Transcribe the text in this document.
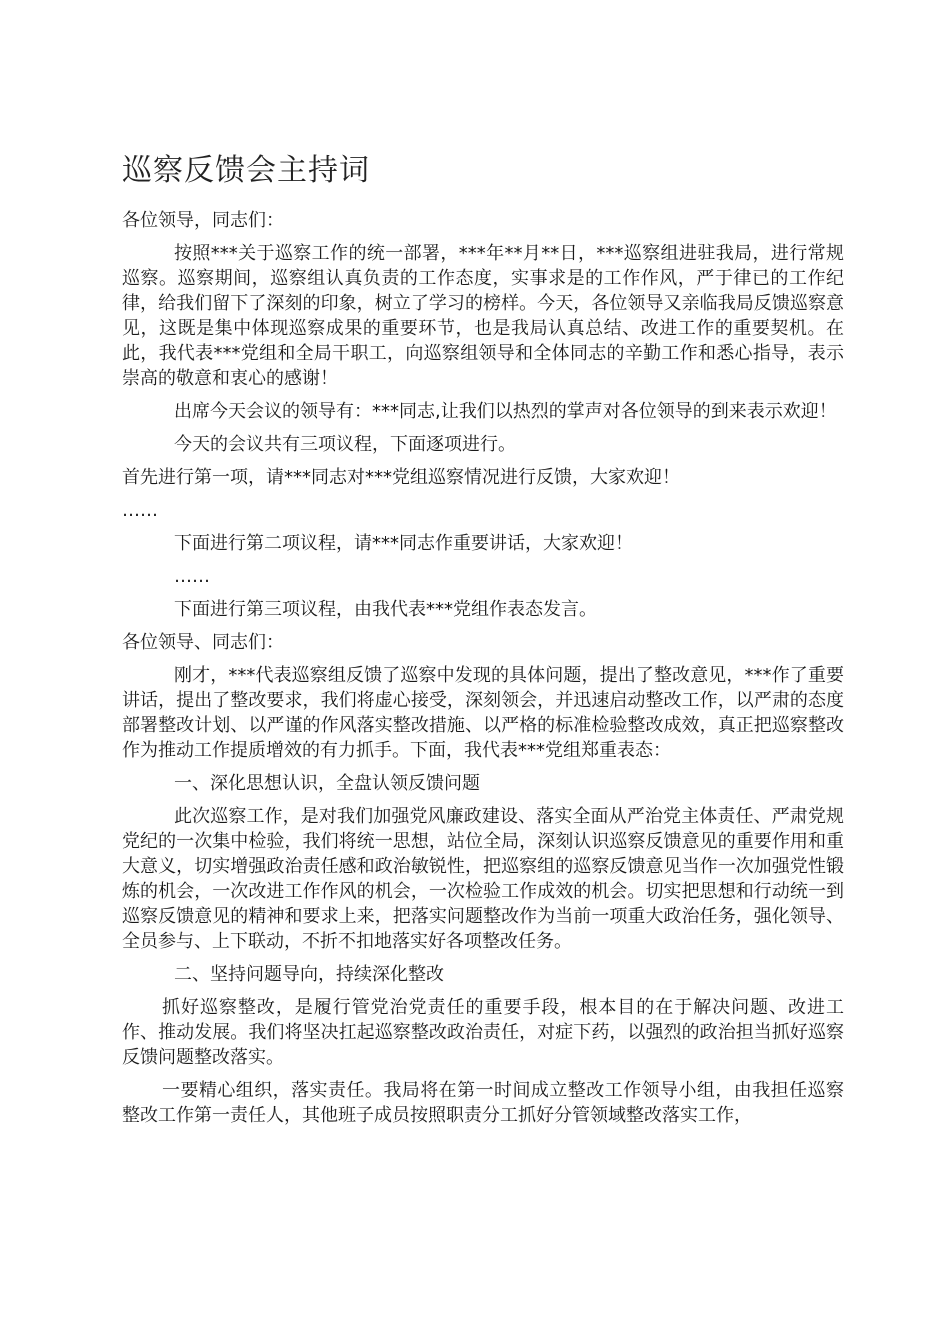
巡察反馈会主持词

各位领导，同志们：

按照***关于巡察工作的统一部署，***年**月**日，***巡察组进驻我局，进行常规巡察。巡察期间，巡察组认真负责的工作态度，实事求是的工作作风，严于律已的工作纪律，给我们留下了深刻的印象，树立了学习的榜样。今天，各位领导又亲临我局反馈巡察意见，这既是集中体现巡察成果的重要环节，也是我局认真总结、改进工作的重要契机。在此，我代表***党组和全局干职工，向巡察组领导和全体同志的辛勤工作和悉心指导，表示崇高的敬意和衷心的感谢！

出席今天会议的领导有：***同志,让我们以热烈的掌声对各位领导的到来表示欢迎！

今天的会议共有三项议程，下面逐项进行。

首先进行第一项，请***同志对***党组巡察情况进行反馈，大家欢迎！

……

下面进行第二项议程，请***同志作重要讲话，大家欢迎！

……

下面进行第三项议程，由我代表***党组作表态发言。

各位领导、同志们：

刚才，***代表巡察组反馈了巡察中发现的具体问题，提出了整改意见，***作了重要讲话，提出了整改要求，我们将虚心接受，深刻领会，并迅速启动整改工作，以严肃的态度部署整改计划、以严谨的作风落实整改措施、以严格的标准检验整改成效，真正把巡察整改作为推动工作提质增效的有力抓手。下面，我代表***党组郑重表态：

一、深化思想认识，全盘认领反馈问题

此次巡察工作，是对我们加强党风廉政建设、落实全面从严治党主体责任、严肃党规党纪的一次集中检验，我们将统一思想，站位全局，深刻认识巡察反馈意见的重要作用和重大意义，切实增强政治责任感和政治敏锐性，把巡察组的巡察反馈意见当作一次加强党性锻炼的机会，一次改进工作作风的机会，一次检验工作成效的机会。切实把思想和行动统一到巡察反馈意见的精神和要求上来，把落实问题整改作为当前一项重大政治任务，强化领导、全员参与、上下联动，不折不扣地落实好各项整改任务。

二、坚持问题导向，持续深化整改

抓好巡察整改，是履行管党治党责任的重要手段，根本目的在于解决问题、改进工作、推动发展。我们将坚决扛起巡察整改政治责任，对症下药，以强烈的政治担当抓好巡察反馈问题整改落实。

一要精心组织，落实责任。我局将在第一时间成立整改工作领导小组，由我担任巡察整改工作第一责任人，其他班子成员按照职责分工抓好分管领域整改落实工作，
